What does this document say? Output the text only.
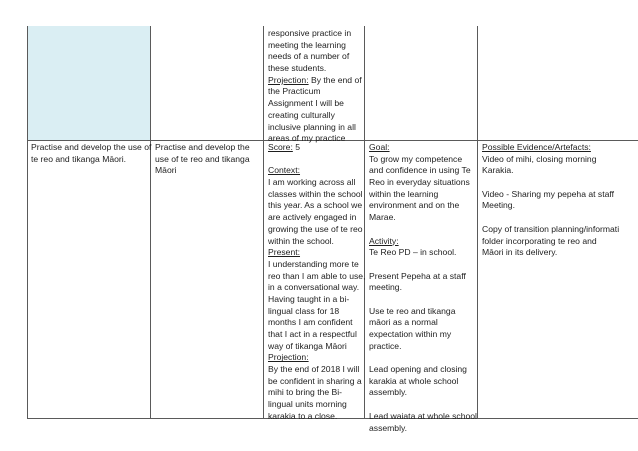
responsive practice in
meeting the learning
needs of a number of
these students.
Projection: By the end of
the Practicum
Assignment I will be
creating culturally
inclusive planning in all
areas of my practice
Practise and develop the use of
te reo and tikanga Māori.
Practise and develop the
use of te reo and tikanga
Māori
Score: 5
Context:
I am working across all
classes within the school
this year. As a school we
are actively engaged in
growing the use of te reo
within the school.
Present:
I understanding more te
reo than I am able to use,
in a conversational way.
Having taught in a bi-
lingual class for 18
months I am confident
that I act in a respectful
way of tikanga Māori
Projection:
By the end of 2018 I will
be confident in sharing a
mihi to bring the Bi-
lingual units morning
karakia to a close.
Goal:
To grow my competence
and confidence in using Te
Reo in everyday situations
within the learning
environment and on the
Marae.
Activity:
Te Reo PD – in school.
Present Pepeha at a staff
meeting.
Use te reo and tikanga
māori as a normal
expectation within my
practice.
Lead opening and closing
karakia at whole school
assembly.
Lead waiata at whole school
assembly.
Possible Evidence/Artefacts:
Video of mihi, closing morning
Karakia.
Video - Sharing my pepeha at staff
Meeting.
Copy of transition planning/informati
folder incorporating te reo and
Māori in its delivery.
